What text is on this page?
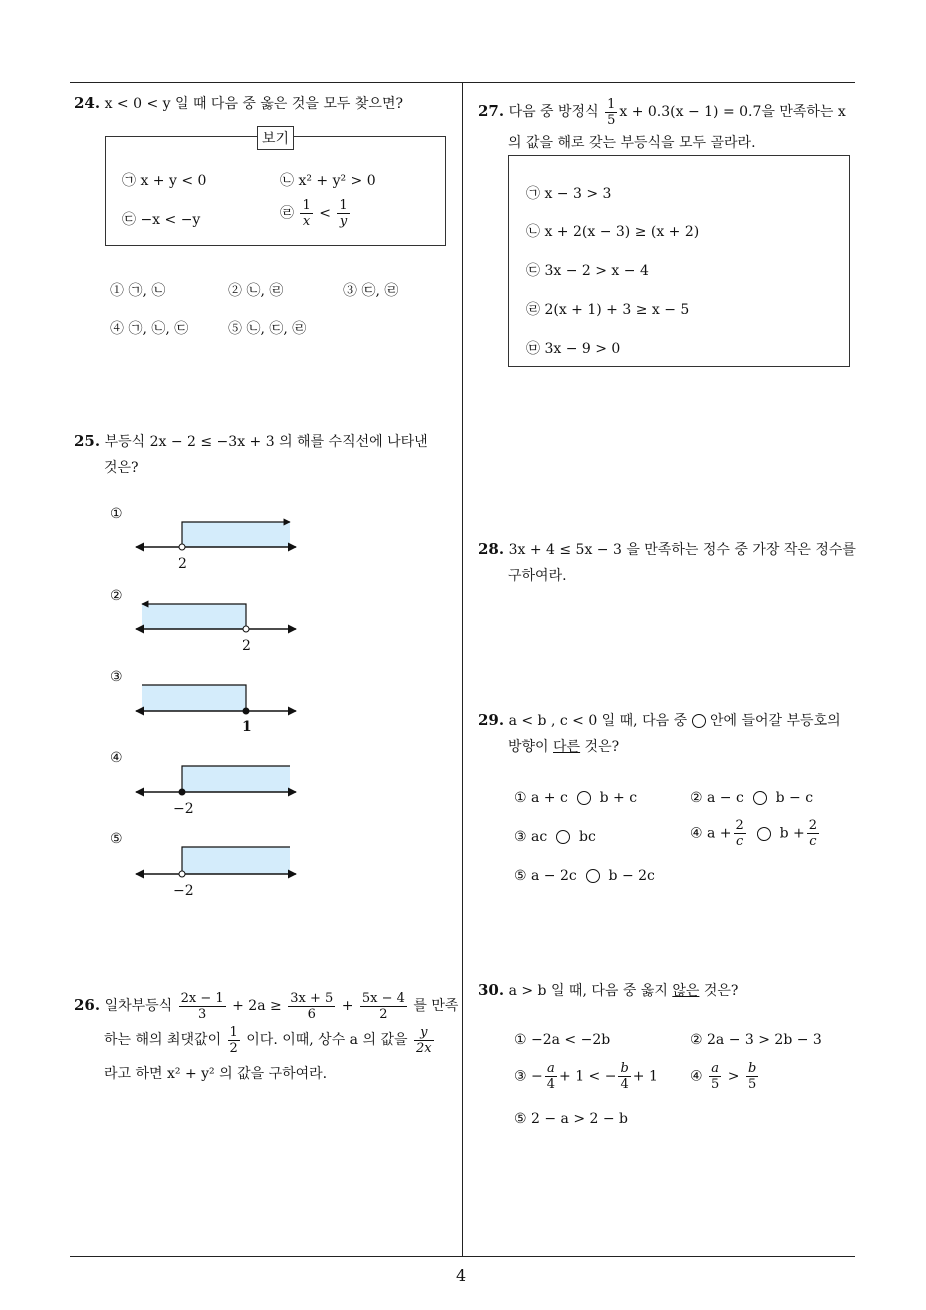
4
24. x < 0 < y 일 때 다음 중 옳은 것을 모두 찾으면?
보기
㉠ x + y < 0	㉡ x² + y² > 0
㉢ −x < −y	㉣ $\frac{1}{x} < \frac{1}{y}$
① ㉠, ㉡	② ㉡, ㉣	③ ㉢, ㉣
④ ㉠, ㉡, ㉢	⑤ ㉡, ㉢, ㉣
25. 부등식 2x − 2 ≤ −3x + 3 의 해를 수직선에 나타낸
것은?
①
2
②
2
③
1
④
−2
⑤
−2
26. 일차부등식 $\frac{2x - 1}{3} + 2a \ge \frac{3x + 5}{6} + \frac{5x - 4}{2}$ 를 만족
하는 해의 최댓값이 $\frac{1}{2}$ 이다. 이때, 상수 a 의 값을 $\frac{y}{2x}$

라고 하면 x² + y² 의 값을 구하여라.
27. 다음 중 방정식 $\frac{1}{5}$ x + 0.3(x − 1) = 0.7을 만족하는 x
의 값을 해로 갖는 부등식을 모두 골라라.
㉠ x − 3 > 3
㉡ x + 2(x − 3) ≥ (x + 2)
㉢ 3x − 2 > x − 4
㉣ 2(x + 1) + 3 ≥ x − 5
㉤ 3x − 9 > 0
28. 3x + 4 ≤ 5x − 3 을 만족하는 정수 중 가장 작은 정수를
구하여라.
29. a < b , c < 0 일 때, 다음 중 안에 들어갈 부등호의
방향이 다른 것은?
① a + c b + c	② a − c b − c
③ ac bc	④ $a + \frac{2}{c}$ $b + \frac{2}{c}$
⑤ a − 2c b − 2c
30. a > b 일 때, 다음 중 옳지 않은 것은?
① −2a < −2b	② 2a − 3 > 2b − 3
③ − $\frac{a}{4} + 1$ < − $\frac{b}{4} + 1$ ④ $\frac{a}{5} > \frac{b}{5}$
⑤ 2 − a > 2 − b
